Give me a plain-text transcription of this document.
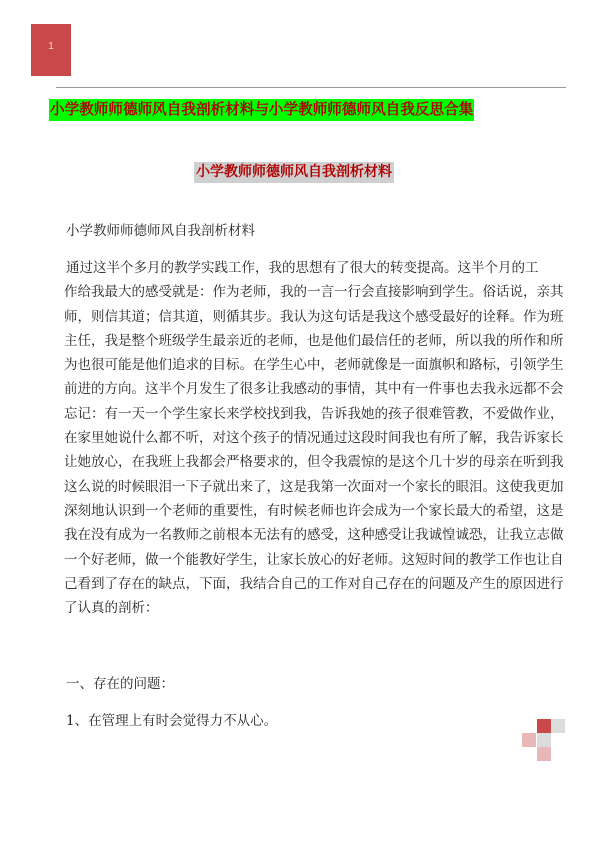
1
小学教师师德师风自我剖析材料与小学教师师德师风自我反思合集
小学教师师德师风自我剖析材料
小学教师师德师风自我剖析材料
通过这半个多月的教学实践工作，我的思想有了很大的转变提高。这半个月的工
作给我最大的感受就是：作为老师，我的一言一行会直接影响到学生。俗话说，亲其
师，则信其道；信其道，则循其步。我认为这句话是我这个感受最好的诠释。作为班
主任，我是整个班级学生最亲近的老师，也是他们最信任的老师，所以我的所作和所
为也很可能是他们追求的目标。在学生心中，老师就像是一面旗帜和路标，引领学生
前进的方向。这半个月发生了很多让我感动的事情，其中有一件事也去我永远都不会
忘记：有一天一个学生家长来学校找到我，告诉我她的孩子很难管教，不爱做作业，
在家里她说什么都不听，对这个孩子的情况通过这段时间我也有所了解，我告诉家长
让她放心，在我班上我都会严格要求的，但令我震惊的是这个几十岁的母亲在听到我
这么说的时候眼泪一下子就出来了，这是我第一次面对一个家长的眼泪。这使我更加
深刻地认识到一个老师的重要性，有时候老师也许会成为一个家长最大的希望，这是
我在没有成为一名教师之前根本无法有的感受，这种感受让我诚惶诚恐，让我立志做
一个好老师，做一个能教好学生，让家长放心的好老师。这短时间的教学工作也让自
己看到了存在的缺点，下面，我结合自己的工作对自己存在的问题及产生的原因进行
了认真的剖析：
一、存在的问题：
1、在管理上有时会觉得力不从心。
